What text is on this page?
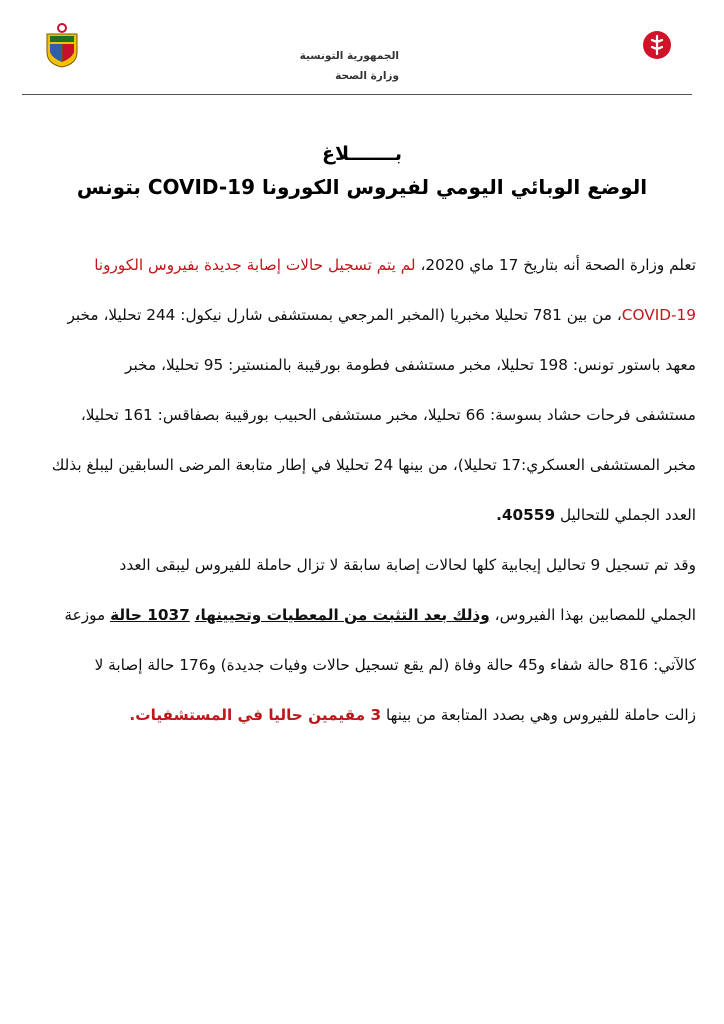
الجمهورية التونسية
وزارة الصحة
بـــــــلاغ
الوضع الوبائي اليومي لفيروس الكورونا COVID-19 بتونس
تعلم وزارة الصحة أنه بتاريخ 17 ماي 2020، لم يتم تسجيل حالات إصابة جديدة بفيروس الكورونا
COVID-19، من بين 781 تحليلا مخبريا (المخبر المرجعي بمستشفى شارل نيكول: 244 تحليلا، مخبر
معهد باستور تونس: 198 تحليلا، مخبر مستشفى فطومة بورقيبة بالمنستير: 95 تحليلا، مخبر
مستشفى فرحات حشاد بسوسة: 66 تحليلا، مخبر مستشفى الحبيب بورقيبة بصفاقس: 161 تحليلا،
مخبر المستشفى العسكري:17 تحليلا)، من بينها 24 تحليلا في إطار متابعة المرضى السابقين ليبلغ بذلك
العدد الجملي للتحاليل 40559.
وقد تم تسجيل 9 تحاليل إيجابية كلها لحالات إصابة سابقة لا تزال حاملة للفيروس ليبقى العدد
الجملي للمصابين بهذا الفيروس، وذلك بعد التثبت من المعطيات وتحيينها، 1037 حالة موزعة
كالآتي: 816 حالة شفاء و45 حالة وفاة (لم يقع تسجيل حالات وفيات جديدة) و176 حالة إصابة لا
زالت حاملة للفيروس وهي بصدد المتابعة من بينها 3 مقيمين حاليا في المستشفيات.
